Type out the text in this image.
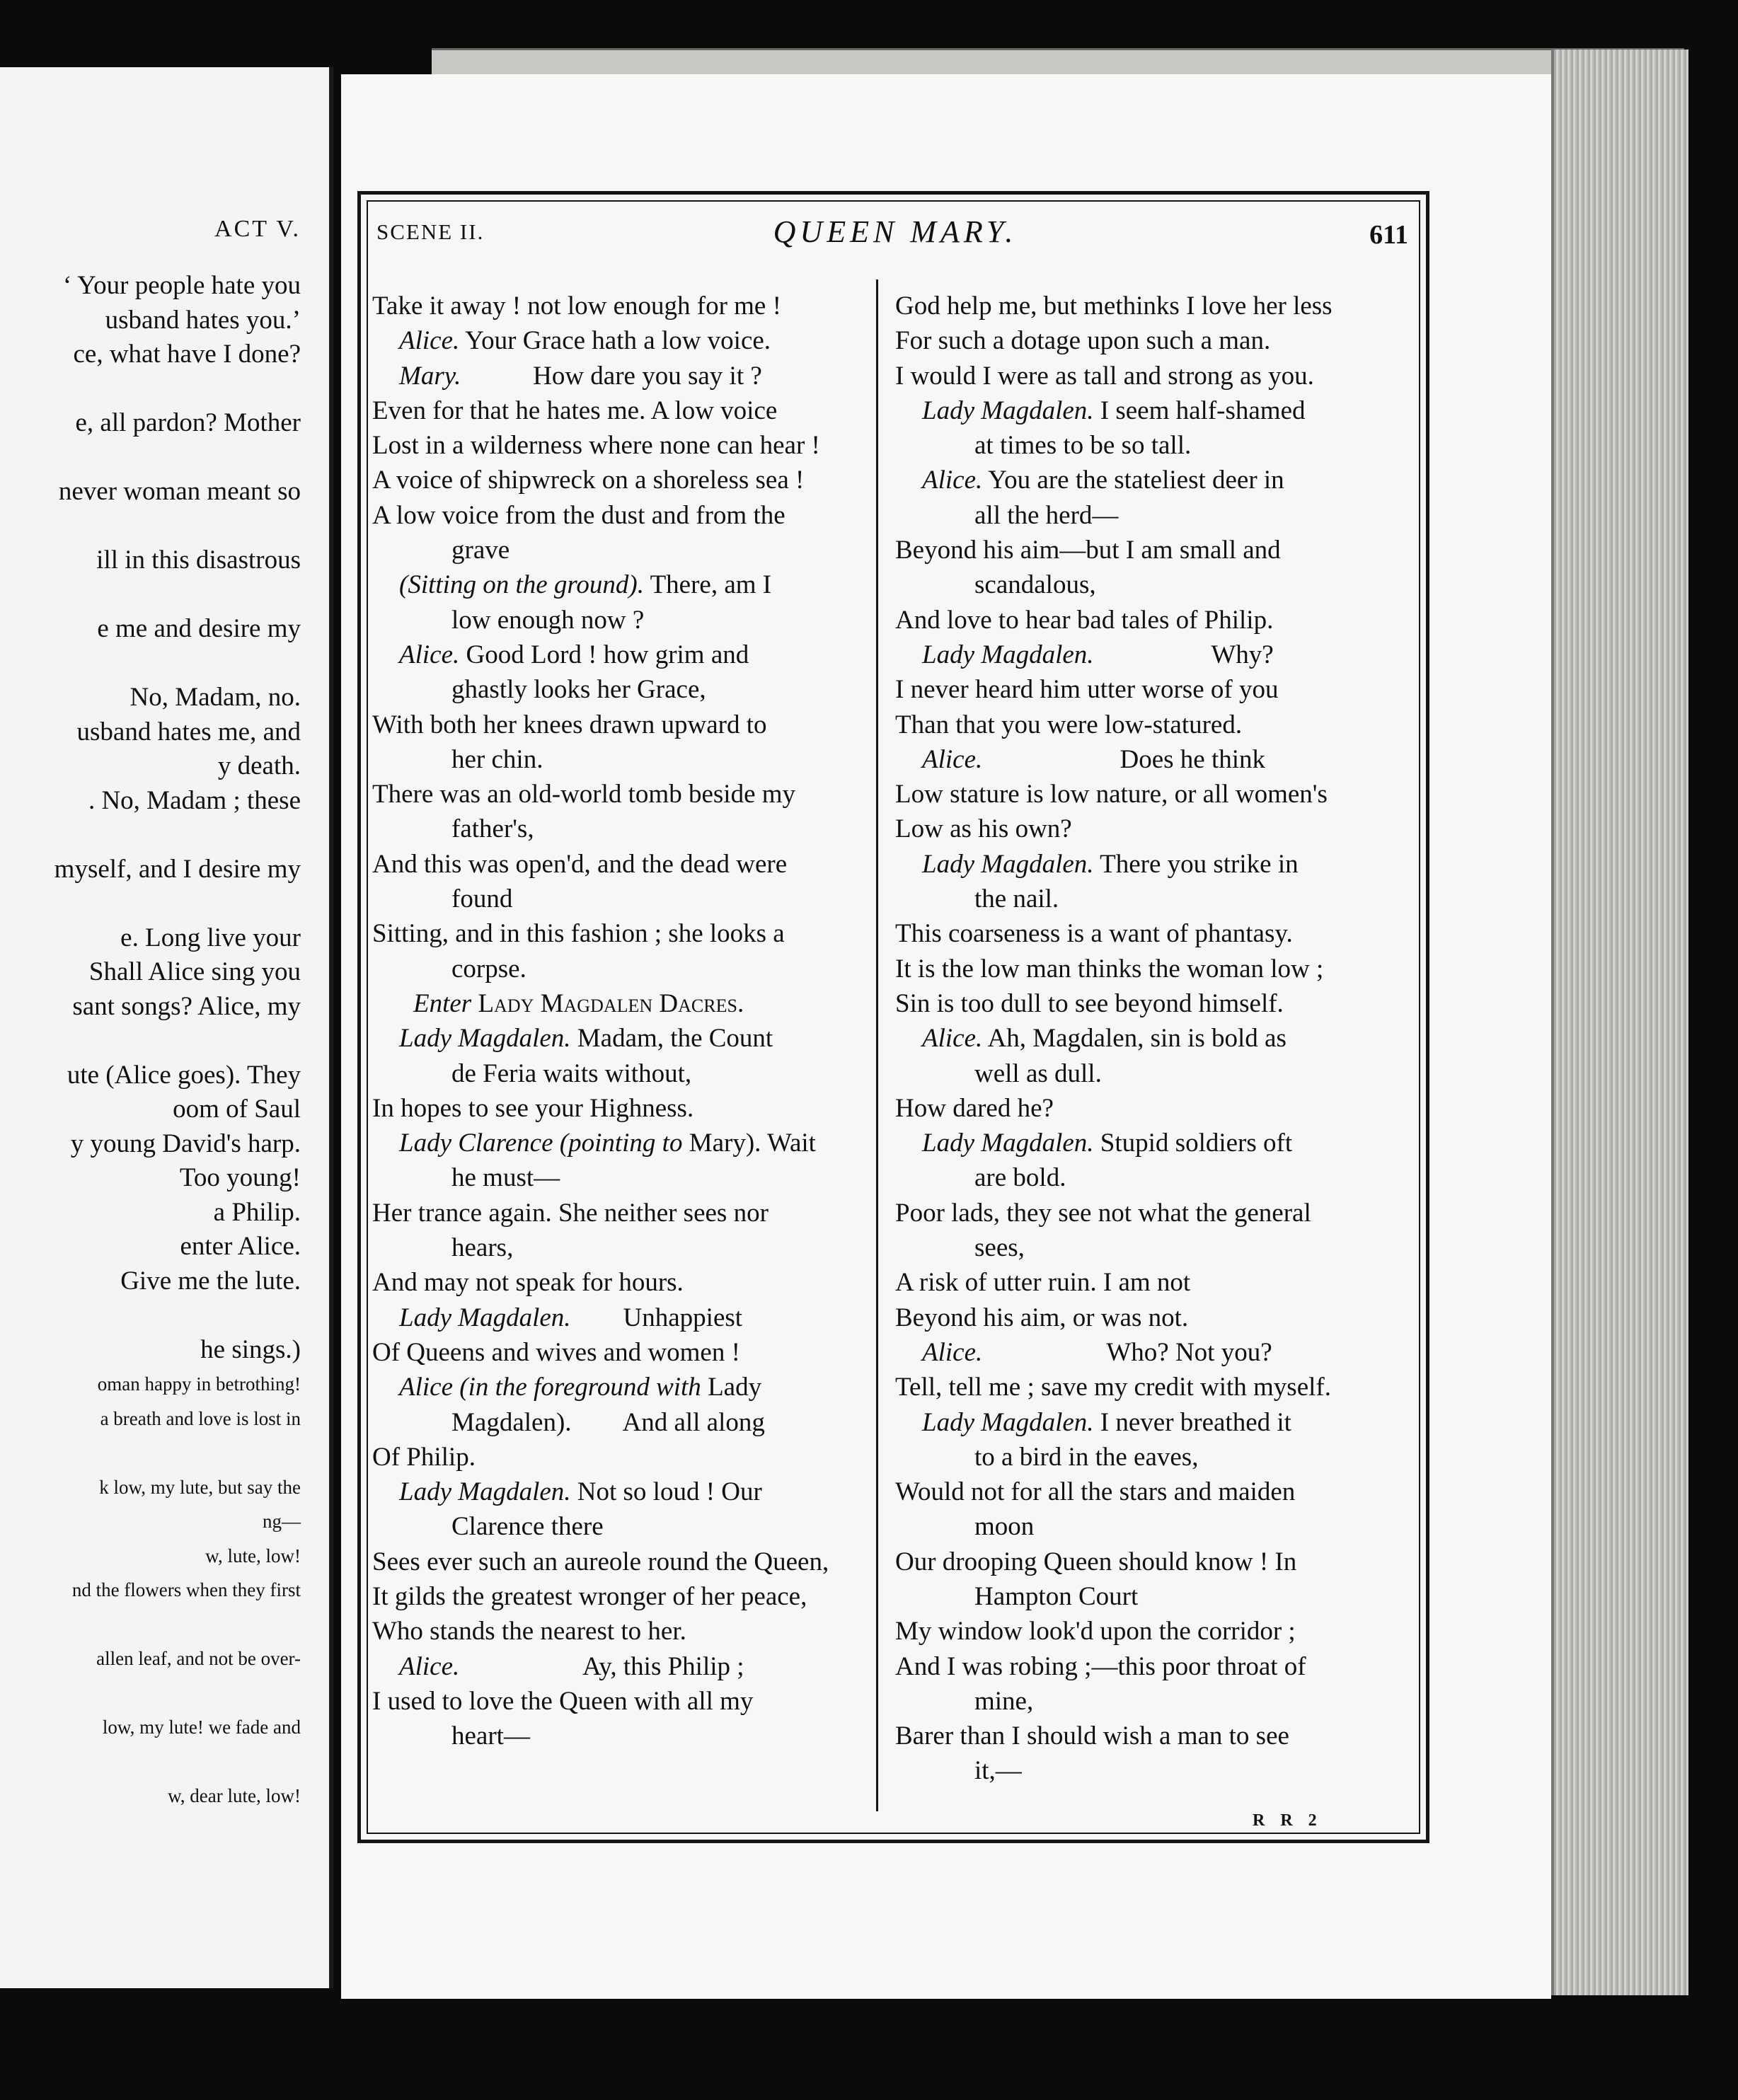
ACT V.
‘ Your people hate you
usband hates you.’
ce, what have I done?
e, all pardon? Mother
never woman meant so
ill in this disastrous
e me and desire my
No, Madam, no.
usband hates me, and
y death.
. No, Madam ; these
myself, and I desire my
e. Long live your
Shall Alice sing you
sant songs? Alice, my
ute (Alice goes). They
oom of Saul
y young David's harp.
Too young!
a Philip.
enter Alice.
Give me the lute.
he sings.)
oman happy in betrothing!
a breath and love is lost in
k low, my lute, but say the
ng—
w, lute, low!
nd the flowers when they first
allen leaf, and not be over-
low, my lute! we fade and
w, dear lute, low!
SCENE II.	QUEEN MARY.	611
Take it away ! not low enough for me !
Alice. Your Grace hath a low voice.
Mary.           How dare you say it ?
Even for that he hates me. A low voice
Lost in a wilderness where none can hear !
A voice of shipwreck on a shoreless sea !
A low voice from the dust and from the
grave
(Sitting on the ground). There, am I
low enough now ?
Alice. Good Lord ! how grim and
ghastly looks her Grace,
With both her knees drawn upward to
her chin.
There was an old-world tomb beside my
father's,
And this was open'd, and the dead were
found
Sitting, and in this fashion ; she looks a
corpse.
Enter Lady Magdalen Dacres.
Lady Magdalen. Madam, the Count
de Feria waits without,
In hopes to see your Highness.
Lady Clarence (pointing to Mary). Wait
he must—
Her trance again. She neither sees nor
hears,
And may not speak for hours.
Lady Magdalen.        Unhappiest
Of Queens and wives and women !
Alice (in the foreground with Lady
Magdalen).        And all along
Of Philip.
Lady Magdalen. Not so loud ! Our
Clarence there
Sees ever such an aureole round the Queen,
It gilds the greatest wronger of her peace,
Who stands the nearest to her.
Alice.                   Ay, this Philip ;
I used to love the Queen with all my
heart—
God help me, but methinks I love her less
For such a dotage upon such a man.
I would I were as tall and strong as you.
Lady Magdalen. I seem half-shamed
at times to be so tall.
Alice. You are the stateliest deer in
all the herd—
Beyond his aim—but I am small and
scandalous,
And love to hear bad tales of Philip.
Lady Magdalen.                  Why?
I never heard him utter worse of you
Than that you were low-statured.
Alice.                     Does he think
Low stature is low nature, or all women's
Low as his own?
Lady Magdalen. There you strike in
the nail.
This coarseness is a want of phantasy.
It is the low man thinks the woman low ;
Sin is too dull to see beyond himself.
Alice. Ah, Magdalen, sin is bold as
well as dull.
How dared he?
Lady Magdalen. Stupid soldiers oft
are bold.
Poor lads, they see not what the general
sees,
A risk of utter ruin. I am not
Beyond his aim, or was not.
Alice.                   Who? Not you?
Tell, tell me ; save my credit with myself.
Lady Magdalen. I never breathed it
to a bird in the eaves,
Would not for all the stars and maiden
moon
Our drooping Queen should know ! In
Hampton Court
My window look'd upon the corridor ;
And I was robing ;—this poor throat of
mine,
Barer than I should wish a man to see
it,—
R R 2
